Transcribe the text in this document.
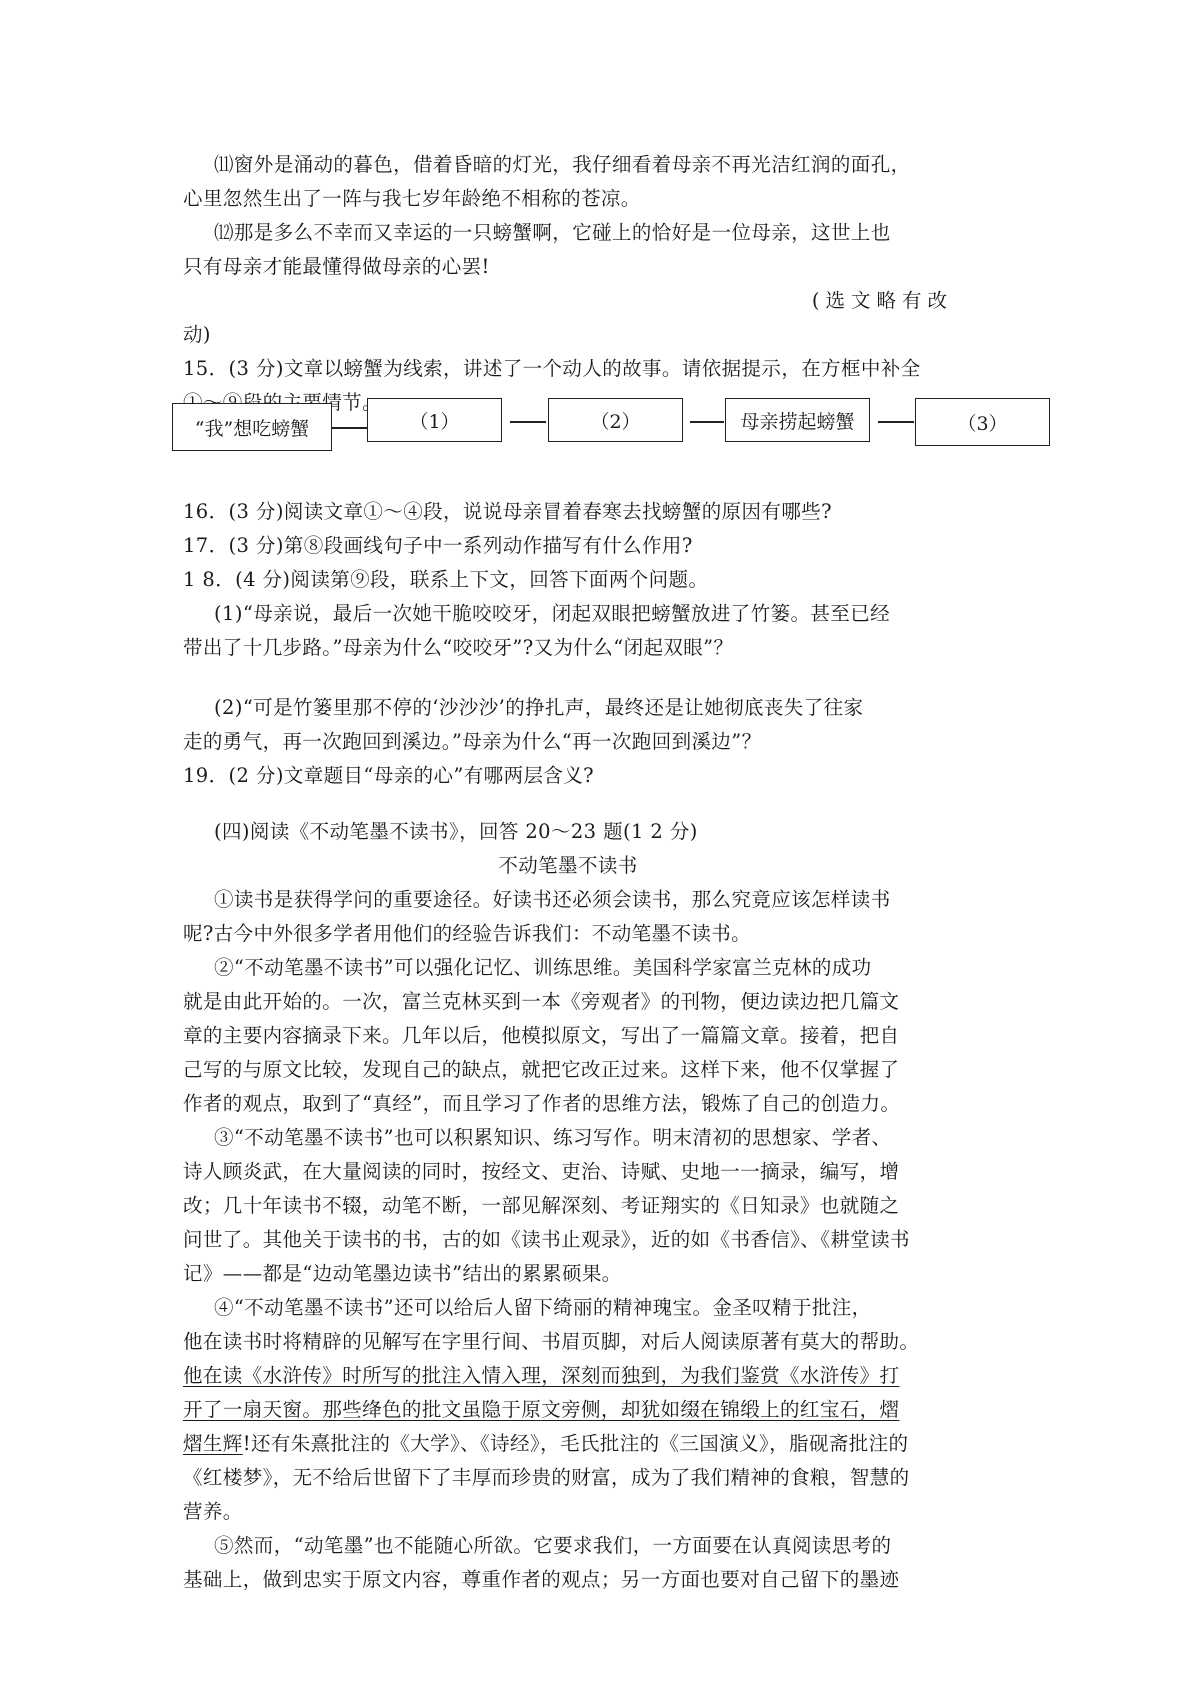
⑾窗外是涌动的暮色，借着昏暗的灯光，我仔细看着母亲不再光洁红润的面孔，
心里忽然生出了一阵与我七岁年龄绝不相称的苍凉。
⑿那是多么不幸而又幸运的一只螃蟹啊，它碰上的恰好是一位母亲，这世上也
只有母亲才能最懂得做母亲的心罢!
(选文略有改
动)
15．(3 分)文章以螃蟹为线索，讲述了一个动人的故事。请依据提示，在方框中补全
“我”想吃螃蟹	（1）	（2）	母亲捞起螃蟹	（3）
16．(3 分)阅读文章①～④段，说说母亲冒着春寒去找螃蟹的原因有哪些?
17．(3 分)第⑧段画线句子中一系列动作描写有什么作用?
1 8．(4 分)阅读第⑨段，联系上下文，回答下面两个问题。
(1)“母亲说，最后一次她干脆咬咬牙，闭起双眼把螃蟹放进了竹篓。甚至已经
带出了十几步路。”母亲为什么“咬咬牙”?又为什么“闭起双眼”？
(2)“可是竹篓里那不停的‘沙沙沙’的挣扎声，最终还是让她彻底丧失了往家
走的勇气，再一次跑回到溪边。”母亲为什么“再一次跑回到溪边”？
19．(2 分)文章题目“母亲的心”有哪两层含义?
(四)阅读《不动笔墨不读书》，回答 20～23 题(1 2 分)
不动笔墨不读书
①读书是获得学问的重要途径。好读书还必须会读书，那么究竟应该怎样读书
呢?古今中外很多学者用他们的经验告诉我们：不动笔墨不读书。
②“不动笔墨不读书”可以强化记忆、训练思维。美国科学家富兰克林的成功
就是由此开始的。一次，富兰克林买到一本《旁观者》的刊物，便边读边把几篇文
章的主要内容摘录下来。几年以后，他模拟原文，写出了一篇篇文章。接着，把自
己写的与原文比较，发现自己的缺点，就把它改正过来。这样下来，他不仅掌握了
作者的观点，取到了“真经”，而且学习了作者的思维方法，锻炼了自己的创造力。
③“不动笔墨不读书”也可以积累知识、练习写作。明末清初的思想家、学者、
诗人顾炎武，在大量阅读的同时，按经文、吏治、诗赋、史地一一摘录，编写，增
改；几十年读书不辍，动笔不断，一部见解深刻、考证翔实的《日知录》也就随之
问世了。其他关于读书的书，古的如《读书止观录》，近的如《书香信》、《耕堂读书
记》——都是“边动笔墨边读书”结出的累累硕果。
④“不动笔墨不读书”还可以给后人留下绮丽的精神瑰宝。金圣叹精于批注，
他在读书时将精辟的见解写在字里行间、书眉页脚，对后人阅读原著有莫大的帮助。
他在读《水浒传》时所写的批注入情入理，深刻而独到，为我们鉴赏《水浒传》打
开了一扇天窗。那些绛色的批文虽隐于原文旁侧，却犹如缀在锦缎上的红宝石，熠
熠生辉!还有朱熹批注的《大学》、《诗经》，毛氏批注的《三国演义》，脂砚斋批注的
《红楼梦》，无不给后世留下了丰厚而珍贵的财富，成为了我们精神的食粮，智慧的
营养。
⑤然而，“动笔墨”也不能随心所欲。它要求我们，一方面要在认真阅读思考的
基础上，做到忠实于原文内容，尊重作者的观点；另一方面也要对自己留下的墨迹
